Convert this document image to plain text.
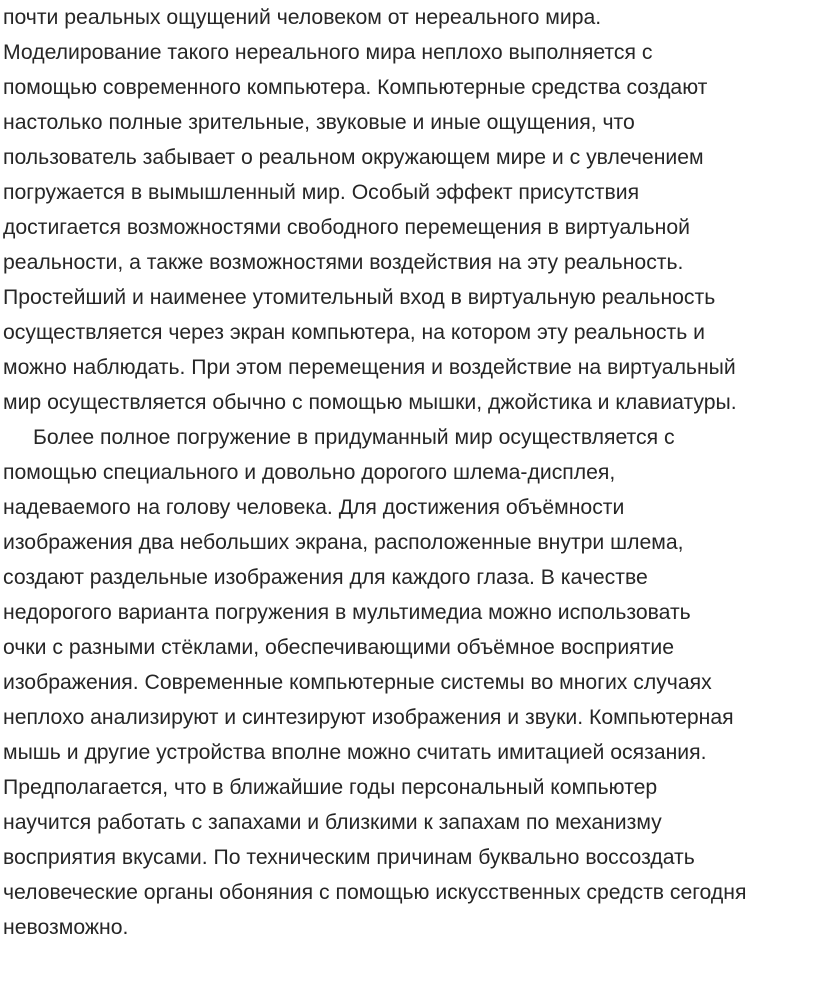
почти реальных ощущений человеком от нереального мира.
Моделирование такого нереального мира неплохо выполняется с
помощью современного компьютера. Компьютерные средства создают
настолько полные зрительные, звуковые и иные ощущения, что
пользователь забывает о реальном окружающем мире и с увлечением
погружается в вымышленный мир. Особый эффект присутствия
достигается возможностями свободного перемещения в виртуальной
реальности, а также возможностями воздействия на эту реальность.
Простейший и наименее утомительный вход в виртуальную реальность
осуществляется через экран компьютера, на котором эту реальность и
можно наблюдать. При этом перемещения и воздействие на виртуальный
мир осуществляется обычно с помощью мышки, джойстика и клавиатуры.
Более полное погружение в придуманный мир осуществляется с
помощью специального и довольно дорогого шлема-дисплея,
надеваемого на голову человека. Для достижения объёмности
изображения два небольших экрана, расположенные внутри шлема,
создают раздельные изображения для каждого глаза. В качестве
недорогого варианта погружения в мультимедиа можно использовать
очки с разными стёклами, обеспечивающими объёмное восприятие
изображения. Современные компьютерные системы во многих случаях
неплохо анализируют и синтезируют изображения и звуки. Компьютерная
мышь и другие устройства вполне можно считать имитацией осязания.
Предполагается, что в ближайшие годы персональный компьютер
научится работать с запахами и близкими к запахам по механизму
восприятия вкусами. По техническим причинам буквально воссоздать
человеческие органы обоняния с помощью искусственных средств сегодня
невозможно.
